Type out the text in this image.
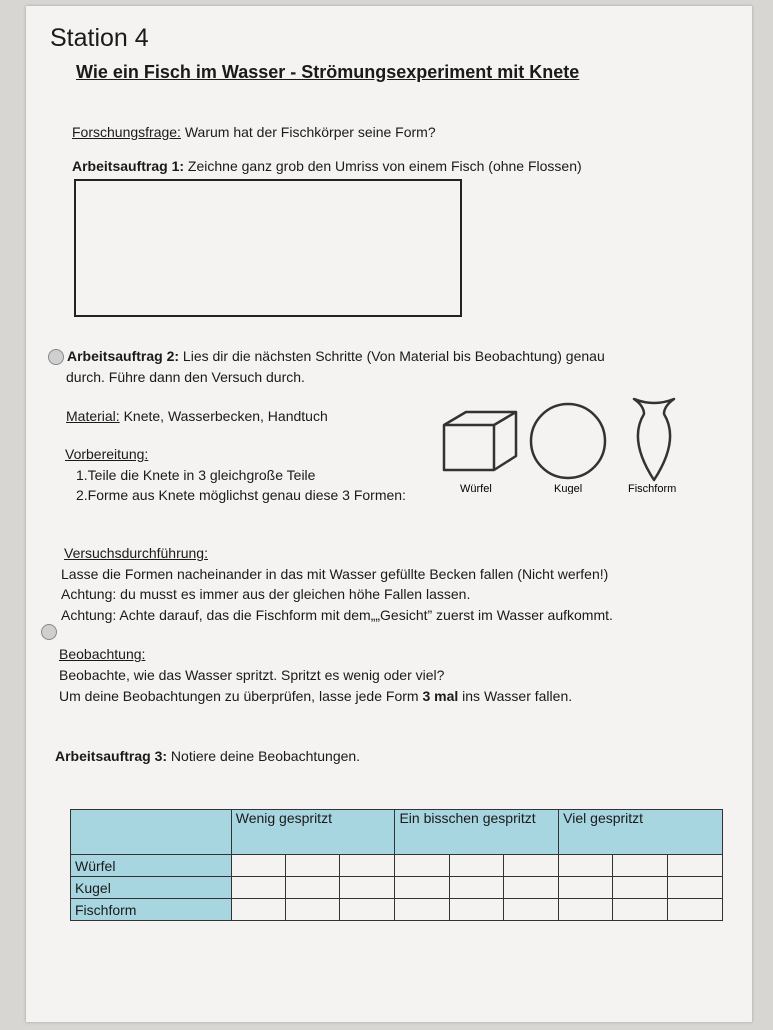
Station 4
Wie ein Fisch im Wasser - Strömungsexperiment mit Knete
Forschungsfrage: Warum hat der Fischkörper seine Form?
Arbeitsauftrag 1: Zeichne ganz grob den Umriss von einem Fisch (ohne Flossen)
Arbeitsauftrag 2: Lies dir die nächsten Schritte (Von Material bis Beobachtung) genau
durch. Führe dann den Versuch durch.
Material: Knete, Wasserbecken, Handtuch
Vorbereitung:
1.Teile die Knete in 3 gleichgroße Teile
2.Forme aus Knete möglichst genau diese 3 Formen:	Würfel	Kugel	Fischform
Versuchsdurchführung:
Lasse die Formen nacheinander in das mit Wasser gefüllte Becken fallen (Nicht werfen!)
Achtung: du musst es immer aus der gleichen höhe Fallen lassen.
Achtung: Achte darauf, das die Fischform mit dem„„Gesicht” zuerst im Wasser aufkommt.
Beobachtung:
Beobachte, wie das Wasser spritzt. Spritzt es wenig oder viel?
Um deine Beobachtungen zu überprüfen, lasse jede Form 3 mal ins Wasser fallen.
Arbeitsauftrag 3: Notiere deine Beobachtungen.
	Wenig gespritzt			Ein bisschen gespritzt			Viel gespritzt		
Würfel									
Kugel									
Fischform									
